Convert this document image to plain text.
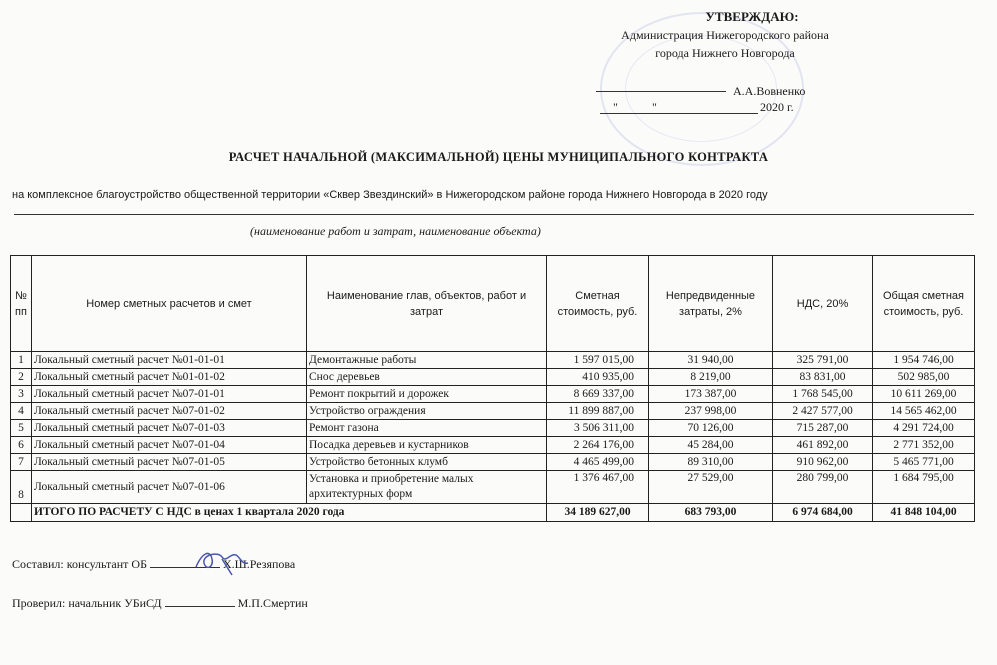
УТВЕРЖДАЮ:
Администрация Нижегородского района
города Нижнего Новгорода
А.А.Вовненко
"	"	2020 г.
РАСЧЕТ НАЧАЛЬНОЙ (МАКСИМАЛЬНОЙ) ЦЕНЫ МУНИЦИПАЛЬНОГО КОНТРАКТА
на комплексное благоустройство общественной территории «Сквер Звездинский» в Нижегородском районе города Нижнего Новгорода в 2020 году
(наименование работ и затрат, наименование объекта)
№ пп	Номер сметных расчетов и смет	Наименование глав, объектов, работ и затрат	Сметная стоимость, руб.	Непредвиденные затраты, 2%	НДС, 20%	Общая сметная стоимость, руб.
1	Локальный сметный расчет №01-01-01	Демонтажные работы	1 597 015,00	31 940,00	325 791,00	1 954 746,00
2	Локальный сметный расчет №01-01-02	Снос деревьев	410 935,00	8 219,00	83 831,00	502 985,00
3	Локальный сметный расчет №07-01-01	Ремонт покрытий и дорожек	8 669 337,00	173 387,00	1 768 545,00	10 611 269,00
4	Локальный сметный расчет №07-01-02	Устройство ограждения	11 899 887,00	237 998,00	2 427 577,00	14 565 462,00
5	Локальный сметный расчет №07-01-03	Ремонт газона	3 506 311,00	70 126,00	715 287,00	4 291 724,00
6	Локальный сметный расчет №07-01-04	Посадка деревьев и кустарников	2 264 176,00	45 284,00	461 892,00	2 771 352,00
7	Локальный сметный расчет №07-01-05	Устройство бетонных клумб	4 465 499,00	89 310,00	910 962,00	5 465 771,00
8	Локальный сметный расчет №07-01-06	Установка и приобретение малых архитектурных форм	1 376 467,00	27 529,00	280 799,00	1 684 795,00
	ИТОГО ПО РАСЧЕТУ С НДС в ценах 1 квартала 2020 года		34 189 627,00	683 793,00	6 974 684,00	41 848 104,00
Составил: консультант ОБ	Х.Ш.Резяпова
Проверил: начальник УБиСД	М.П.Смертин
